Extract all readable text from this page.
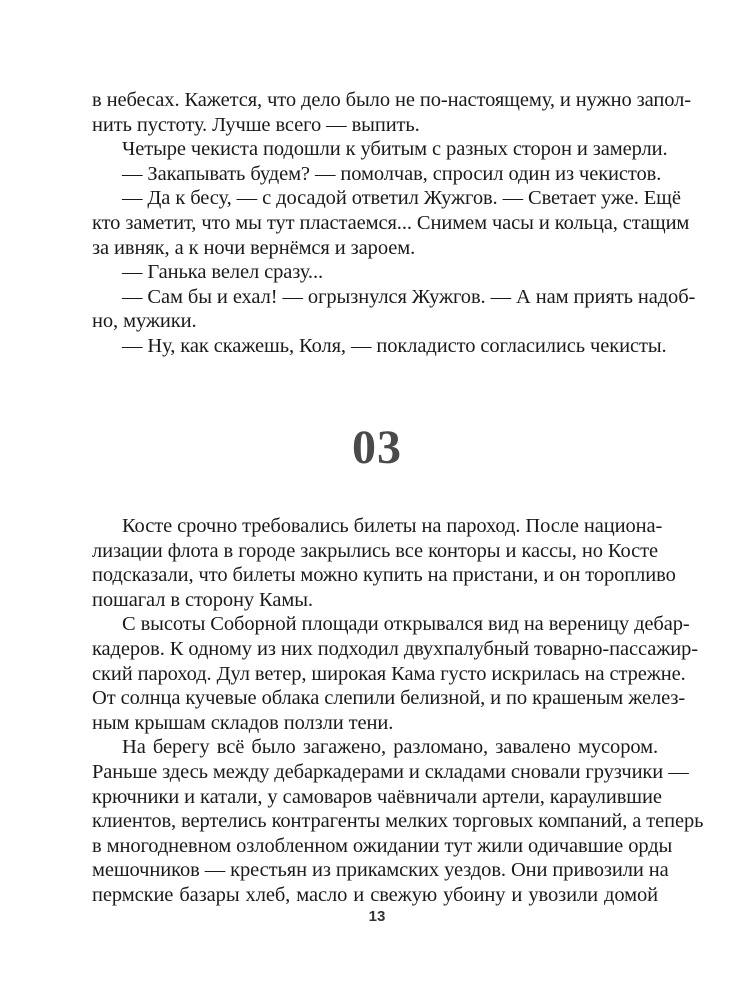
в небесах. Кажется, что дело было не по-настоящему, и нужно запол-
нить пустоту. Лучше всего — выпить.
Четыре чекиста подошли к убитым с разных сторон и замерли.
— Закапывать будем? — помолчав, спросил один из чекистов.
— Да к бесу, — с досадой ответил Жужгов. — Светает уже. Ещё
кто заметит, что мы тут пластаемся... Снимем часы и кольца, стащим
за ивняк, а к ночи вернёмся и зароем.
— Ганька велел сразу...
— Сам бы и ехал! — огрызнулся Жужгов. — А нам приять надоб-
но, мужики.
— Ну, как скажешь, Коля, — покладисто согласились чекисты.
03
Косте срочно требовались билеты на пароход. После национа-
лизации флота в городе закрылись все конторы и кассы, но Косте
подсказали, что билеты можно купить на пристани, и он торопливо
пошагал в сторону Камы.
С высоты Соборной площади открывался вид на вереницу дебар-
кадеров. К одному из них подходил двухпалубный товарно-пассажир-
ский пароход. Дул ветер, широкая Кама густо искрилась на стрежне.
От солнца кучевые облака слепили белизной, и по крашеным желез-
ным крышам складов ползли тени.
На берегу всё было загажено, разломано, завалено мусором.
Раньше здесь между дебаркадерами и складами сновали грузчики —
крючники и катали, у самоваров чаёвничали артели, караулившие
клиентов, вертелись контрагенты мелких торговых компаний, а теперь
в многодневном озлобленном ожидании тут жили одичавшие орды
мешочников — крестьян из прикамских уездов. Они привозили на
пермские базары хлеб, масло и свежую убоину и увозили домой
13
